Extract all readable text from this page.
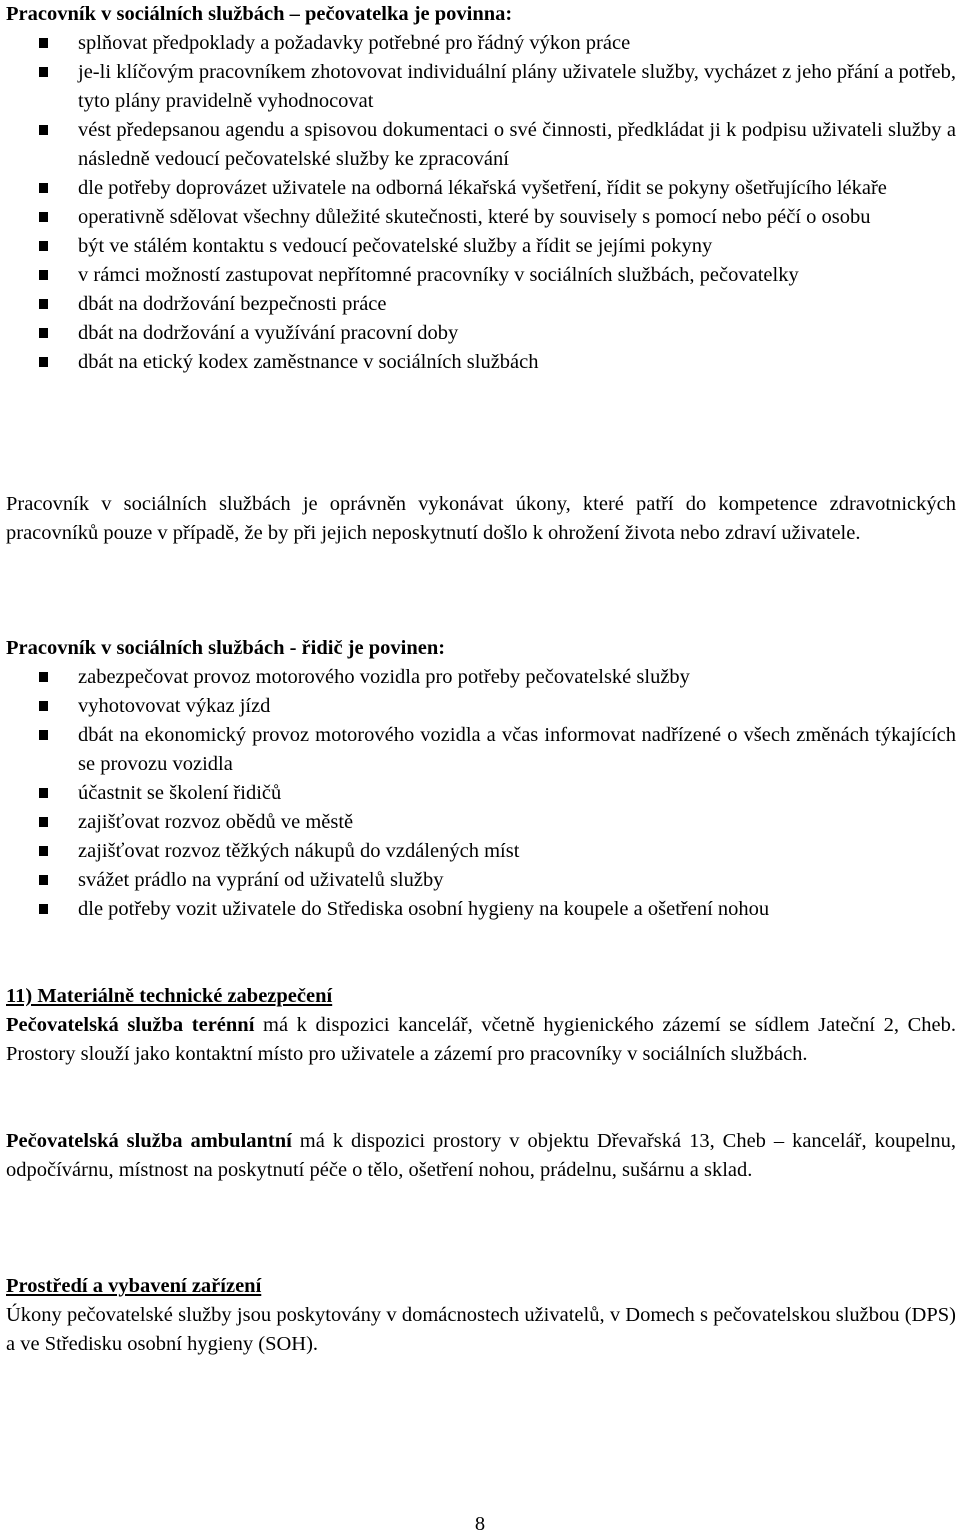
Pracovník v sociálních službách – pečovatelka je povinna:

splňovat předpoklady a požadavky potřebné pro řádný výkon práce
je-li klíčovým pracovníkem zhotovovat individuální plány uživatele služby, vycházet z jeho přání a potřeb, tyto plány pravidelně vyhodnocovat
vést předepsanou agendu a spisovou dokumentaci o své činnosti, předkládat ji k podpisu uživateli služby a následně vedoucí pečovatelské služby ke zpracování
dle potřeby doprovázet uživatele na odborná lékařská vyšetření, řídit se pokyny ošetřujícího lékaře
operativně sdělovat všechny důležité skutečnosti, které by souvisely s pomocí nebo péčí o osobu
být ve stálém kontaktu s vedoucí pečovatelské služby a řídit se jejími pokyny
v rámci možností zastupovat nepřítomné pracovníky v sociálních službách, pečovatelky
dbát na dodržování bezpečnosti práce
dbát na dodržování a využívání pracovní doby
dbát na etický kodex zaměstnance v sociálních službách

Pracovník v sociálních službách je oprávněn vykonávat úkony, které patří do kompetence zdravotnických pracovníků pouze v případě, že by při jejich neposkytnutí došlo k ohrožení života nebo zdraví uživatele.

Pracovník v sociálních službách - řidič je povinen:

zabezpečovat provoz motorového vozidla pro potřeby pečovatelské služby
vyhotovovat výkaz jízd
dbát na ekonomický provoz motorového vozidla a včas informovat nadřízené o všech změnách týkajících se provozu vozidla
účastnit se školení řidičů
zajišťovat rozvoz obědů ve městě
zajišťovat rozvoz těžkých nákupů do vzdálených míst
svážet prádlo na vyprání od uživatelů služby
dle potřeby vozit uživatele do Střediska osobní hygieny na koupele a ošetření nohou

11) Materiálně technické zabezpečení

Pečovatelská služba terénní má k dispozici kancelář, včetně hygienického zázemí se sídlem Jateční 2, Cheb. Prostory slouží jako kontaktní místo pro uživatele a zázemí pro pracovníky v sociálních službách.

Pečovatelská služba ambulantní má k dispozici prostory v objektu Dřevařská 13, Cheb – kancelář, koupelnu, odpočívárnu, místnost na poskytnutí péče o tělo, ošetření nohou, prádelnu, sušárnu a sklad.

Prostředí a vybavení zařízení

Úkony pečovatelské služby jsou poskytovány v domácnostech uživatelů, v Domech s pečovatelskou službou (DPS) a ve Středisku osobní hygieny (SOH).

8
